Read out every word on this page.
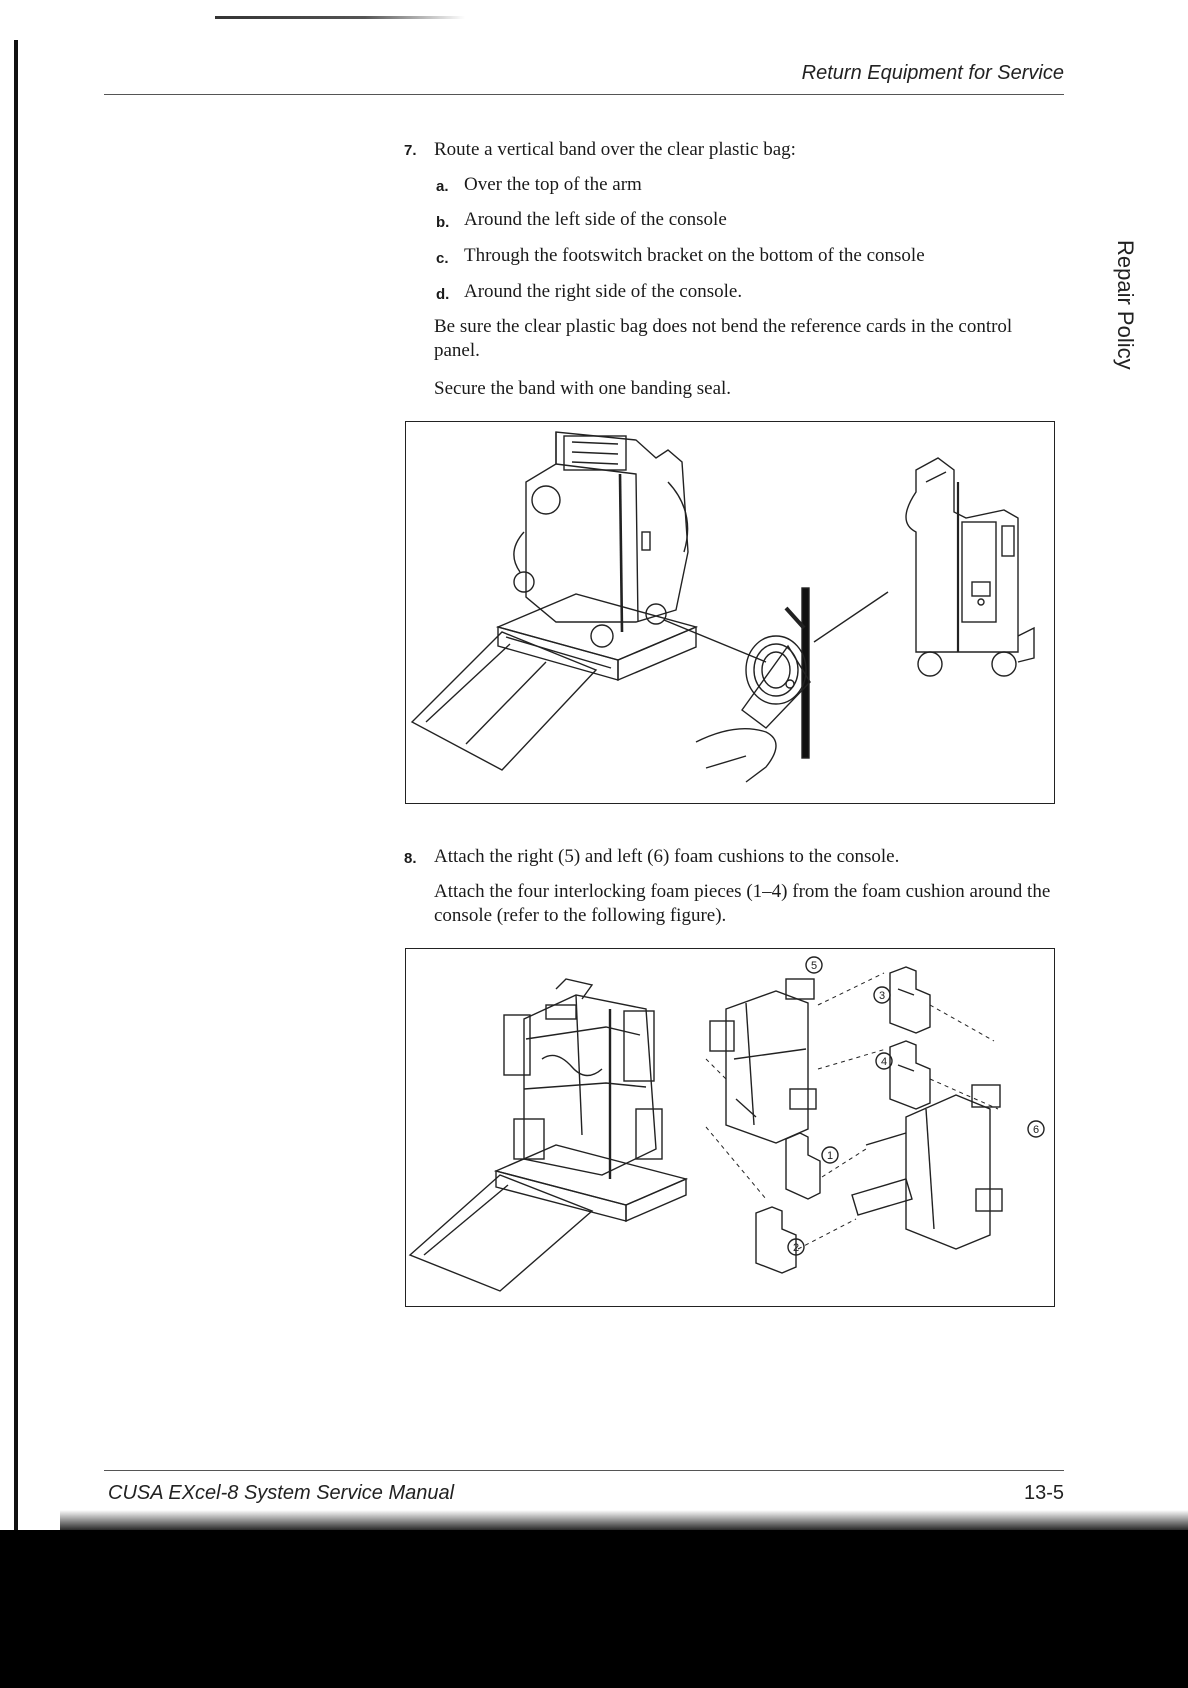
Return Equipment for Service
Repair Policy
7. Route a vertical band over the clear plastic bag:
a. Over the top of the arm
b. Around the left side of the console
c. Through the footswitch bracket on the bottom of the console
d. Around the right side of the console.
Be sure the clear plastic bag does not bend the reference cards in the control panel.
Secure the band with one banding seal.
8. Attach the right (5) and left (6) foam cushions to the console.
Attach the four interlocking foam pieces (1–4) from the foam cushion around the console (refer to the following figure).
5
3
4
6
1
2
CUSA EXcel-8 System Service Manual	13-5
